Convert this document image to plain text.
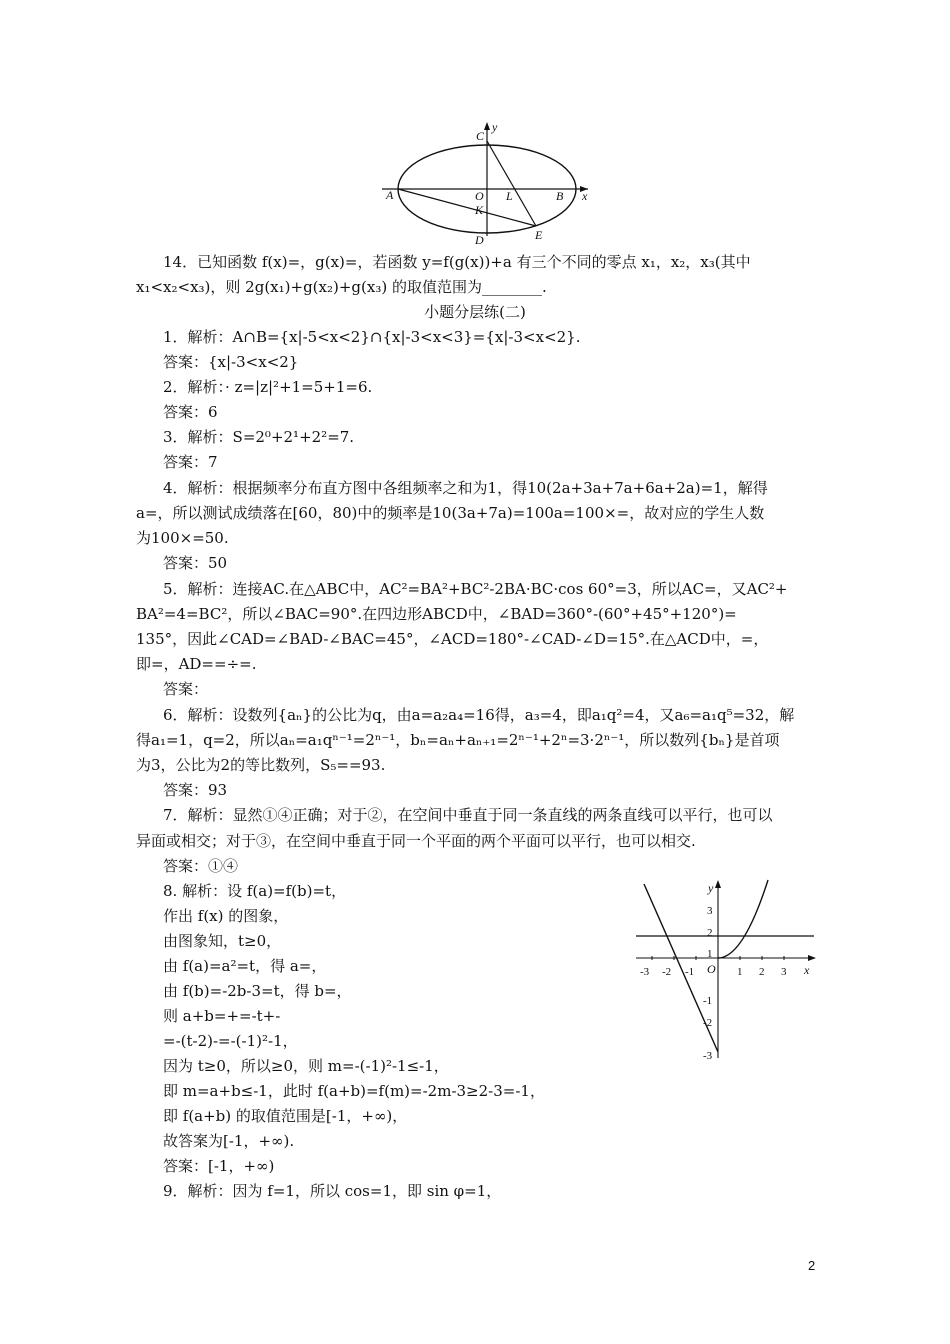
C
y
A	O L	B x
K
E
D
y
x
O
-3 -2 -1	1 2 3
3
2
1
-1
-2
-3
14．已知函数 f(x)=，g(x)=，若函数 y=f(g(x))+a 有三个不同的零点 x₁，x₂，x₃(其中
x₁<x₂<x₃)，则 2g(x₁)+g(x₂)+g(x₃) 的取值范围为________.
小题分层练(二)
1．解析：A∩B={x|-5<x<2}∩{x|-3<x<3}={x|-3<x<2}.
答案：{x|-3<x<2}
2．解析：· z=|z|²+1=5+1=6.
答案：6
3．解析：S=2⁰+2¹+2²=7.
答案：7
4．解析：根据频率分布直方图中各组频率之和为1，得10(2a+3a+7a+6a+2a)=1，解得
a=，所以测试成绩落在[60，80)中的频率是10(3a+7a)=100a=100×=，故对应的学生人数
为100×=50.
答案：50
5．解析：连接AC.在△ABC中，AC²=BA²+BC²-2BA·BC·cos 60°=3，所以AC=，又AC²+
BA²=4=BC²，所以∠BAC=90°.在四边形ABCD中，∠BAD=360°-(60°+45°+120°)=
135°，因此∠CAD=∠BAD-∠BAC=45°，∠ACD=180°-∠CAD-∠D=15°.在△ACD中，=，
即=，AD==÷=.
答案：
6．解析：设数列{aₙ}的公比为q，由a=a₂a₄=16得，a₃=4，即a₁q²=4，又a₆=a₁q⁵=32，解
得a₁=1，q=2，所以aₙ=a₁qⁿ⁻¹=2ⁿ⁻¹，bₙ=aₙ+aₙ₊₁=2ⁿ⁻¹+2ⁿ=3·2ⁿ⁻¹，所以数列{bₙ}是首项
为3，公比为2的等比数列，S₅==93.
答案：93
7．解析：显然①④正确；对于②，在空间中垂直于同一条直线的两条直线可以平行，也可以
异面或相交；对于③，在空间中垂直于同一个平面的两个平面可以平行，也可以相交.
答案：①④
8. 解析：设 f(a)=f(b)=t，
作出 f(x) 的图象，
由图象知，t≥0，
由 f(a)=a²=t，得 a=，
由 f(b)=-2b-3=t，得 b=，
则 a+b=+=-t+-
=-(t-2)-=-(-1)²-1，
因为 t≥0，所以≥0，则 m=-(-1)²-1≤-1，
即 m=a+b≤-1，此时 f(a+b)=f(m)=-2m-3≥2-3=-1，
即 f(a+b) 的取值范围是[-1，+∞)，
故答案为[-1，+∞).
答案：[-1，+∞)
9．解析：因为 f=1，所以 cos=1，即 sin φ=1，
2
